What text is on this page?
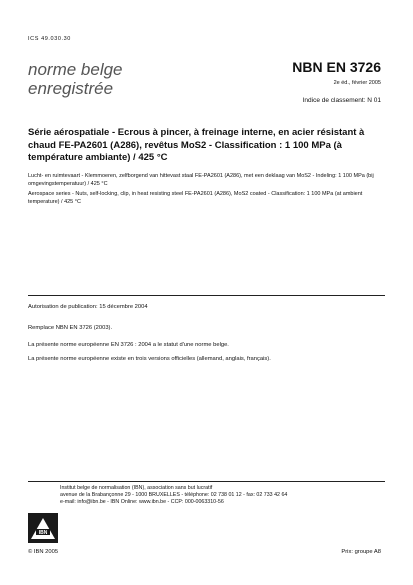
ICS 49.030.30
norme belge
enregistrée
NBN EN 3726
2e éd., février 2005
Indice de classement: N 01
Série aérospatiale - Ecrous à pincer, à freinage interne, en acier résistant à chaud FE-PA2601 (A286), revêtus MoS2 - Classification : 1 100 MPa (à température ambiante) / 425 °C
Lucht- en ruimtevaart - Klemmoeren, zelfborgend van hittevast staal FE-PA2601 (A286), met een deklaag van MoS2 - Indeling: 1 100 MPa (bij omgevingstemperatuur) / 425 °C
Aerospace series - Nuts, self-locking, clip, in heat resisting steel FE-PA2601 (A286), MoS2 coated - Classification: 1 100 MPa (at ambient temperature) / 425 °C
Autorisation de publication: 15 décembre 2004
Remplace NBN EN 3726 (2003).
La présente norme européenne EN 3726 : 2004 a le statut d'une norme belge.
La présente norme européenne existe en trois versions officielles (allemand, anglais, français).
Institut belge de normalisation (IBN), association sans but lucratif
avenue de la Brabançonne 29 - 1000 BRUXELLES - téléphone: 02 738 01 12 - fax: 02 733 42 64
e-mail: info@ibn.be - IBN Online: www.ibn.be - CCP: 000-0063310-56
IBN
© IBN 2005	Prix: groupe A8
